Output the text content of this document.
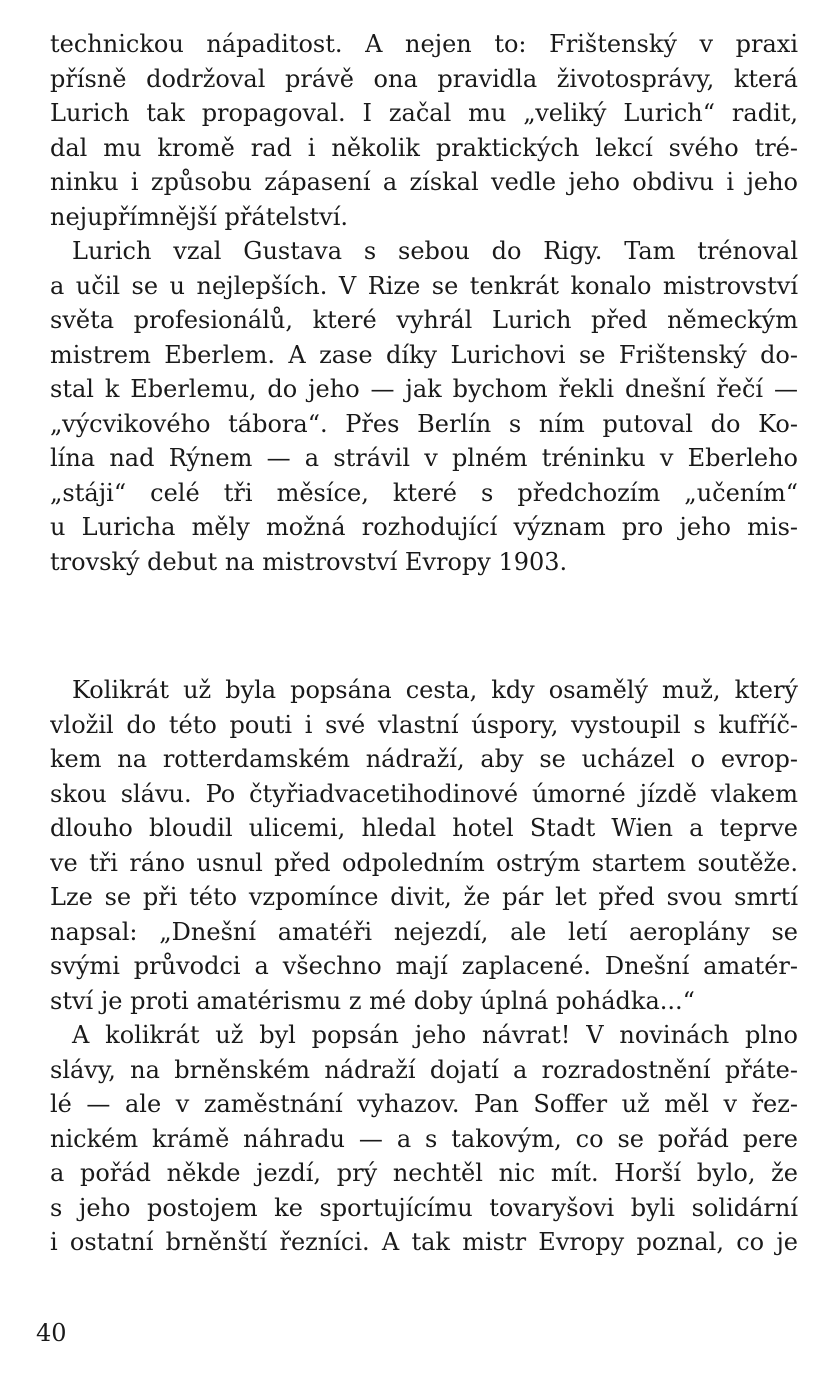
technickou nápaditost. A nejen to: Frištenský v praxi
přísně dodržoval právě ona pravidla životosprávy, která
Lurich tak propagoval. I začal mu „veliký Lurich“ radit,
dal mu kromě rad i několik praktických lekcí svého tré-
ninku i způsobu zápasení a získal vedle jeho obdivu i jeho
nejupřímnější přátelství.
Lurich vzal Gustava s sebou do Rigy. Tam trénoval
a učil se u nejlepších. V Rize se tenkrát konalo mistrovství
světa profesionálů, které vyhrál Lurich před německým
mistrem Eberlem. A zase díky Lurichovi se Frištenský do-
stal k Eberlemu, do jeho — jak bychom řekli dnešní řečí —
„výcvikového tábora“. Přes Berlín s ním putoval do Ko-
lína nad Rýnem — a strávil v plném tréninku v Eberleho
„stáji“ celé tři měsíce, které s předchozím „učením“
u Luricha měly možná rozhodující význam pro jeho mis-
trovský debut na mistrovství Evropy 1903.
Kolikrát už byla popsána cesta, kdy osamělý muž, který
vložil do této pouti i své vlastní úspory, vystoupil s kufříč-
kem na rotterdamském nádraží, aby se ucházel o evrop-
skou slávu. Po čtyřiadvacetihodinové úmorné jízdě vlakem
dlouho bloudil ulicemi, hledal hotel Stadt Wien a teprve
ve tři ráno usnul před odpoledním ostrým startem soutěže.
Lze se při této vzpomínce divit, že pár let před svou smrtí
napsal: „Dnešní amatéři nejezdí, ale letí aeroplány se
svými průvodci a všechno mají zaplacené. Dnešní amatér-
ství je proti amatérismu z mé doby úplná pohádka...“
A kolikrát už byl popsán jeho návrat! V novinách plno
slávy, na brněnském nádraží dojatí a rozradostnění přáte-
lé — ale v zaměstnání vyhazov. Pan Soffer už měl v řez-
nickém krámě náhradu — a s takovým, co se pořád pere
a pořád někde jezdí, prý nechtěl nic mít. Horší bylo, že
s jeho postojem ke sportujícímu tovaryšovi byli solidární
i ostatní brněnští řezníci. A tak mistr Evropy poznal, co je
40
